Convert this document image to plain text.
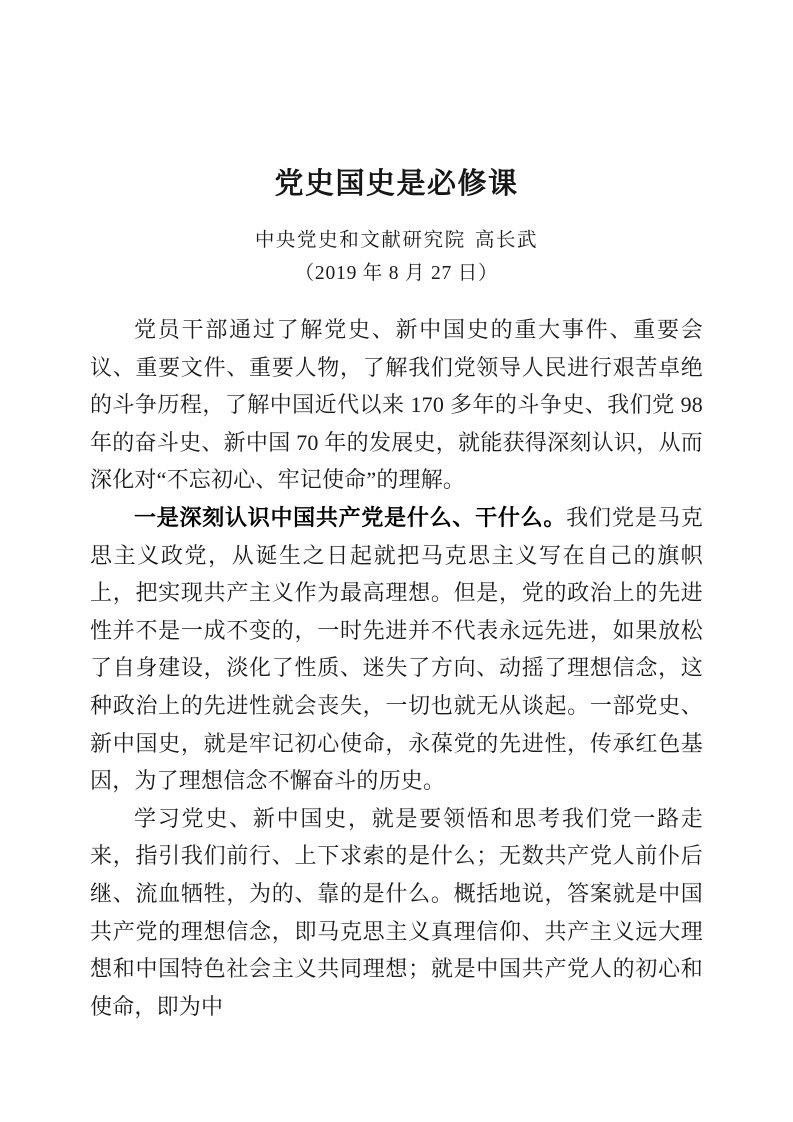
党史国史是必修课
中央党史和文献研究院 高长武
（2019 年 8 月 27 日）

党员干部通过了解党史、新中国史的重大事件、重要会议、重要文件、重要人物，了解我们党领导人民进行艰苦卓绝的斗争历程，了解中国近代以来 170 多年的斗争史、我们党 98 年的奋斗史、新中国 70 年的发展史，就能获得深刻认识，从而深化对“不忘初心、牢记使命”的理解。

一是深刻认识中国共产党是什么、干什么。我们党是马克思主义政党，从诞生之日起就把马克思主义写在自己的旗帜上，把实现共产主义作为最高理想。但是，党的政治上的先进性并不是一成不变的，一时先进并不代表永远先进，如果放松了自身建设，淡化了性质、迷失了方向、动摇了理想信念，这种政治上的先进性就会丧失，一切也就无从谈起。一部党史、新中国史，就是牢记初心使命，永葆党的先进性，传承红色基因，为了理想信念不懈奋斗的历史。

学习党史、新中国史，就是要领悟和思考我们党一路走来，指引我们前行、上下求索的是什么；无数共产党人前仆后继、流血牺牲，为的、靠的是什么。概括地说，答案就是中国共产党的理想信念，即马克思主义真理信仰、共产主义远大理想和中国特色社会主义共同理想；就是中国共产党人的初心和使命，即为中
